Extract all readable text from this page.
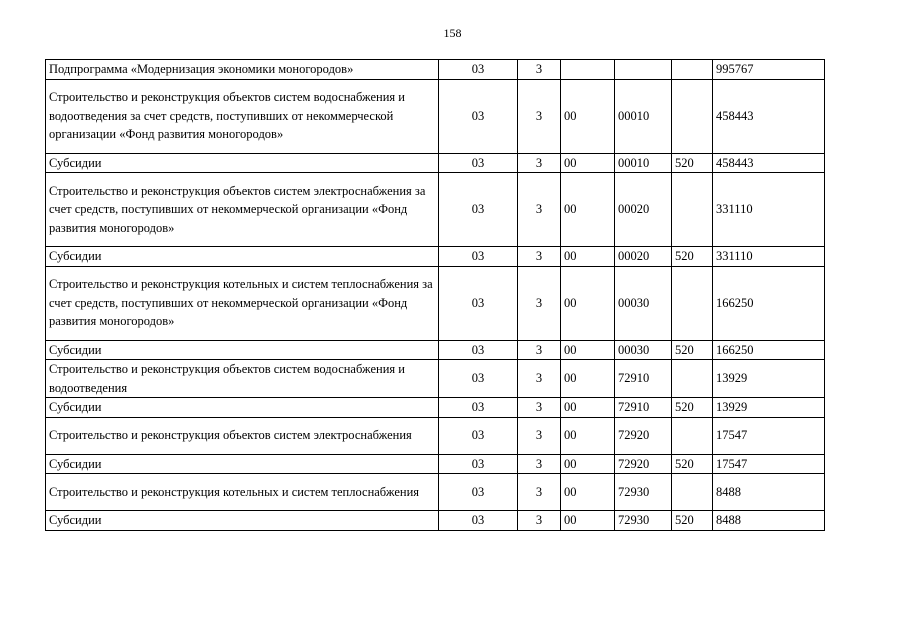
158
Подпрограмма «Модернизация экономики моногородов»	03	3				995767
Строительство и реконструкция объектов систем водоснабжения и водоотведения за счет средств, поступивших от некоммерческой организации «Фонд развития моногородов»	03	3	00	00010		458443
Субсидии	03	3	00	00010	520	458443
Строительство и реконструкция объектов систем электроснабжения за счет средств, поступивших от некоммерческой организации «Фонд развития моногородов»	03	3	00	00020		331110
Субсидии	03	3	00	00020	520	331110
Строительство и реконструкция котельных и систем теплоснабжения за счет средств, поступивших от некоммерческой организации «Фонд развития моногородов»	03	3	00	00030		166250
Субсидии	03	3	00	00030	520	166250
Строительство и реконструкция объектов систем водоснабжения и водоотведения	03	3	00	72910		13929
Субсидии	03	3	00	72910	520	13929
Строительство и реконструкция объектов систем электроснабжения	03	3	00	72920		17547
Субсидии	03	3	00	72920	520	17547
Строительство и реконструкция котельных и систем теплоснабжения	03	3	00	72930		8488
Субсидии	03	3	00	72930	520	8488
